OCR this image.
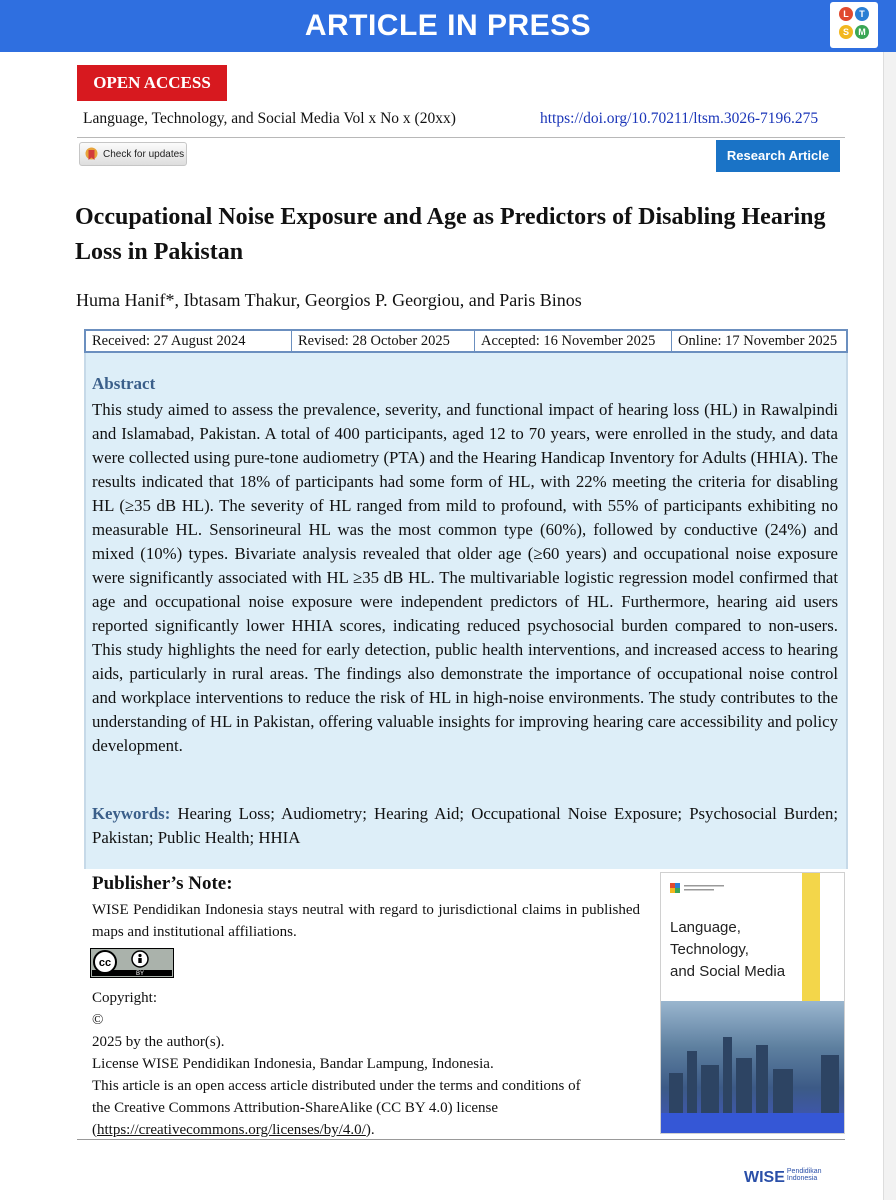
ARTICLE IN PRESS	L	T
S	M
OPEN ACCESS
Language, Technology, and Social Media Vol x No x (20xx)	https://doi.org/10.70211/ltsm.3026-7196.275
Check for updates	Research Article
Occupational Noise Exposure and Age as Predictors of Disabling Hearing Loss in Pakistan
Huma Hanif*, Ibtasam Thakur, Georgios P. Georgiou, and Paris Binos
Received: 27 August 2024	Revised: 28 October 2025	Accepted: 16 November 2025	Online: 17 November 2025
Abstract

This study aimed to assess the prevalence, severity, and functional impact of hearing loss (HL) in Rawalpindi and Islamabad, Pakistan. A total of 400 participants, aged 12 to 70 years, were enrolled in the study, and data were collected using pure-tone audiometry (PTA) and the Hearing Handicap Inventory for Adults (HHIA). The results indicated that 18% of participants had some form of HL, with 22% meeting the criteria for disabling HL (≥35 dB HL). The severity of HL ranged from mild to profound, with 55% of participants exhibiting no measurable HL. Sensorineural HL was the most common type (60%), followed by conductive (24%) and mixed (10%) types. Bivariate analysis revealed that older age (≥60 years) and occupational noise exposure were significantly associated with HL ≥35 dB HL. The multivariable logistic regression model confirmed that age and occupational noise exposure were independent predictors of HL. Furthermore, hearing aid users reported significantly lower HHIA scores, indicating reduced psychosocial burden compared to non-users. This study highlights the need for early detection, public health interventions, and increased access to hearing aids, particularly in rural areas. The findings also demonstrate the importance of occupational noise control and workplace interventions to reduce the risk of HL in high-noise environments. The study contributes to the understanding of HL in Pakistan, offering valuable insights for improving hearing care accessibility and policy development.

Keywords: Hearing Loss; Audiometry; Hearing Aid; Occupational Noise Exposure; Psychosocial Burden; Pakistan; Public Health; HHIA

Publisher’s Note:

WISE Pendidikan Indonesia stays neutral with regard to jurisdictional claims in published maps and institutional affiliations.

cc
BY
Copyright:
©
2025 by the author(s).
License WISE Pendidikan Indonesia, Bandar Lampung, Indonesia.
This article is an open access article distributed under the terms and conditions of
the Creative Commons Attribution-ShareAlike (CC BY 4.0) license
(https://creativecommons.org/licenses/by/4.0/).
Language,
Technology,
and Social Media
WISE Pendidikan
Indonesia
